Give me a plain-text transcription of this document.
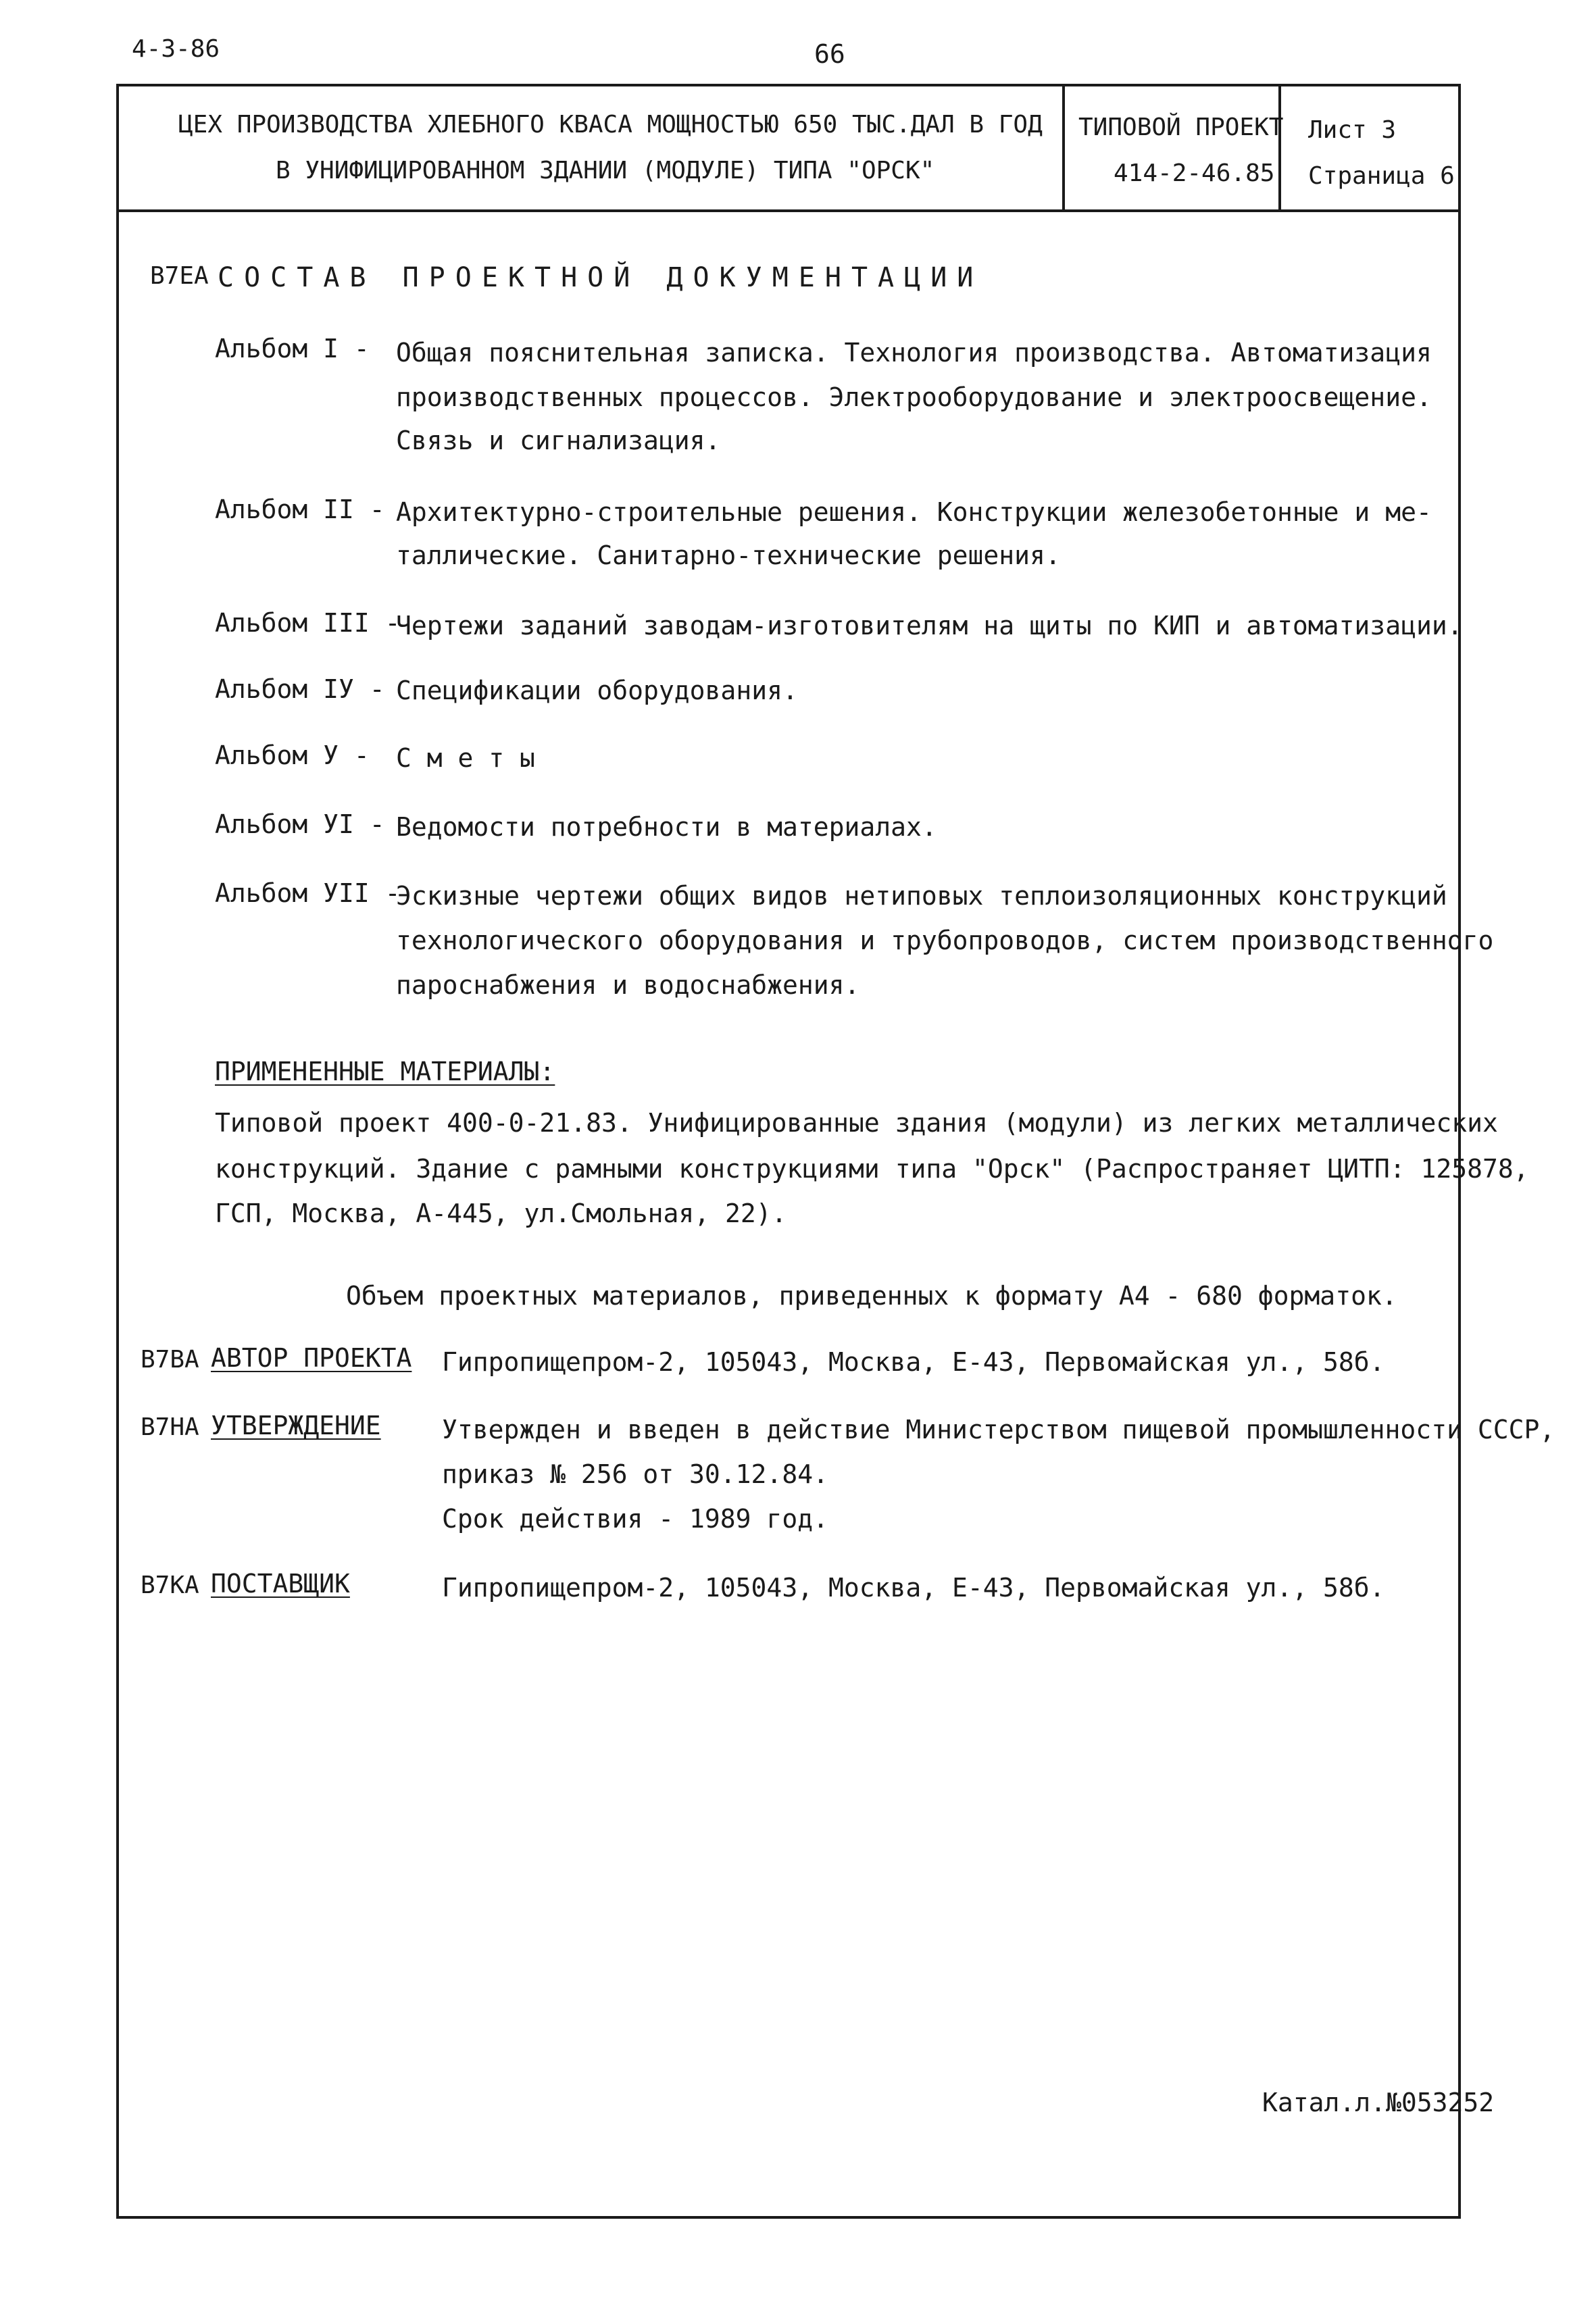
4-3-86	66
ЦЕХ ПРОИЗВОДСТВА ХЛЕБНОГО КВАСА МОЩНОСТЬЮ 650 ТЫС.ДАЛ В ГОД
В УНИФИЦИРОВАННОМ ЗДАНИИ (МОДУЛЕ) ТИПА "ОРСК"
ТИПОВОЙ ПРОЕКТ
414-2-46.85
Лист 3
Страница 6
В7ЕА СОСТАВ ПРОЕКТНОЙ ДОКУМЕНТАЦИИ
Альбом I - Общая пояснительная записка. Технология производства. Автоматизация
производственных процессов. Электрооборудование и электроосвещение.
Связь и сигнализация.
Альбом II - Архитектурно-строительные решения. Конструкции железобетонные и ме-
таллические. Санитарно-технические решения.
Альбом III -
Чертежи заданий заводам-изготовителям на щиты по КИП и автоматизации.
Альбом IУ - Спецификации оборудования.
Альбом У - С м е т ы
Альбом УI - Ведомости потребности в материалах.
Альбом УII -
Эскизные чертежи общих видов нетиповых теплоизоляционных конструкций
технологического оборудования и трубопроводов, систем производственного
пароснабжения и водоснабжения.
ПРИМЕНЕННЫЕ МАТЕРИАЛЫ:
Типовой проект 400-0-21.83. Унифицированные здания (модули) из легких металлических
конструкций. Здание с рамными конструкциями типа "Орск" (Распространяет ЦИТП: 125878,
ГСП, Москва, А-445, ул.Смольная, 22).
Объем проектных материалов, приведенных к формату А4 - 680 форматок.
В7ВА АВТОР ПРОЕКТА Гипропищепром-2, 105043, Москва, Е-43, Первомайская ул., 58б.
В7НА УТВЕРЖДЕНИЕ Утвержден и введен в действие Министерством пищевой промышленности СССР,
приказ № 256 от 30.12.84.
Срок действия - 1989 год.
В7КА ПОСТАВЩИК	Гипропищепром-2, 105043, Москва, Е-43, Первомайская ул., 58б.
Катал.л.№053252
